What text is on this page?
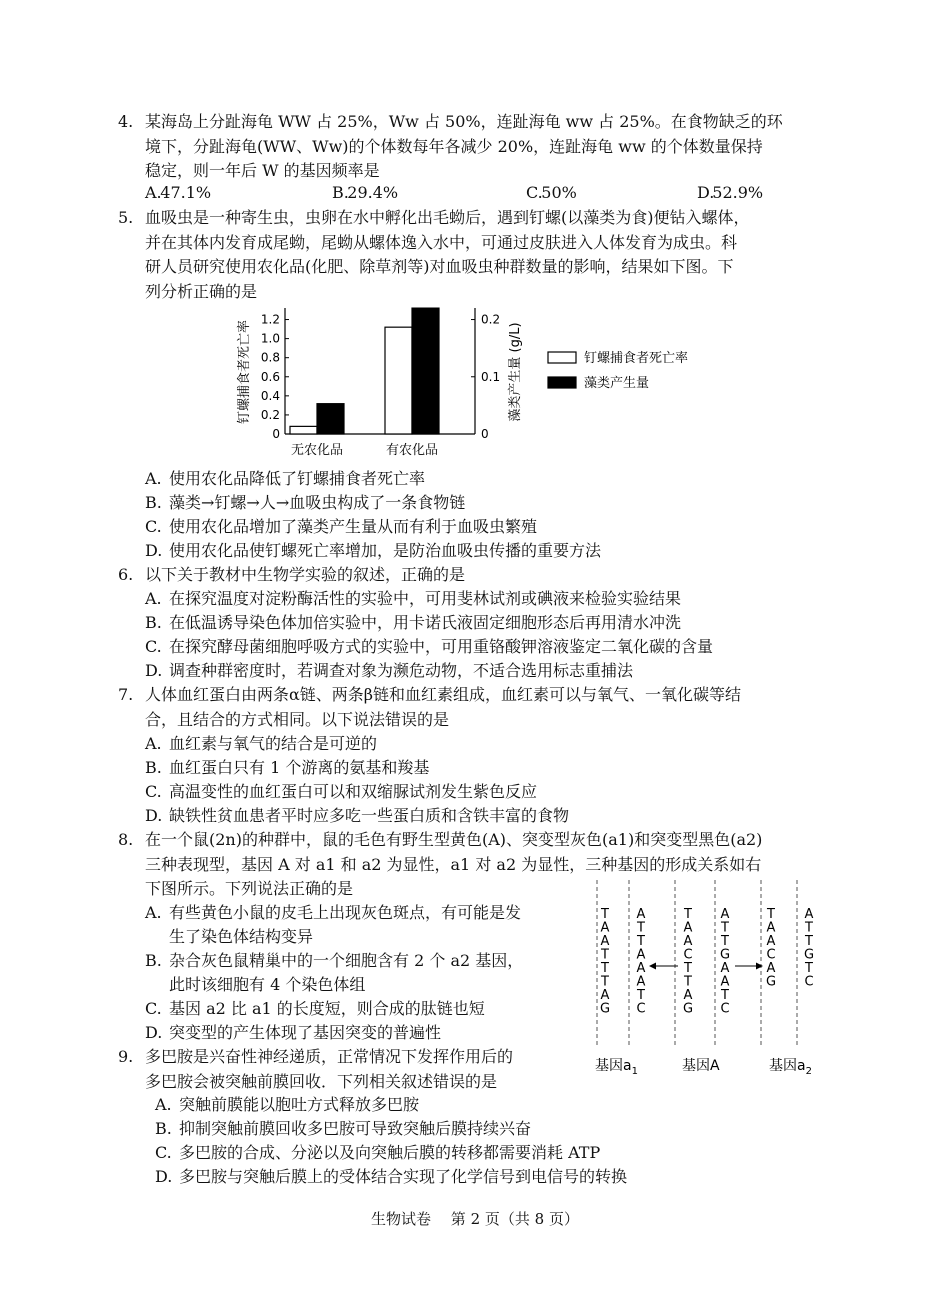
4. 某海岛上分趾海龟 WW 占 25%，Ww 占 50%，连趾海龟 ww 占 25%。在食物缺乏的环
境下，分趾海龟(WW、Ww)的个体数每年各减少 20%，连趾海龟 ww 的个体数量保持
稳定，则一年后 W 的基因频率是
A.

47.1%	B.

29.4%	C.

50%	D.

52.9%
5. 血吸虫是一种寄生虫，虫卵在水中孵化出毛蚴后，遇到钉螺(以藻类为食)便钻入螺体，
并在其体内发育成尾蚴，尾蚴从螺体逸入水中，可通过皮肤进入人体发育为成虫。科
研人员研究使用农化品(化肥、除草剂等)对血吸虫种群数量的影响，结果如下图。下
列分析正确的是
0
0.2
0.4
0.6
0.8
1.0
1.2
0
0.1
0.2
钉螺捕食者死亡率	藻类产生量 (g/L)
无农化品	有农化品
钉螺捕食者死亡率
藻类产生量
A. 使用农化品降低了钉螺捕食者死亡率
B. 藻类→钉螺→人→血吸虫构成了一条食物链
C. 使用农化品增加了藻类产生量从而有利于血吸虫繁殖
D. 使用农化品使钉螺死亡率增加，是防治血吸虫传播的重要方法
6. 以下关于教材中生物学实验的叙述，正确的是
A. 在探究温度对淀粉酶活性的实验中，可用斐林试剂或碘液来检验实验结果
B. 在低温诱导染色体加倍实验中，用卡诺氏液固定细胞形态后再用清水冲洗
C. 在探究酵母菌细胞呼吸方式的实验中，可用重铬酸钾溶液鉴定二氧化碳的含量
D. 调查种群密度时，若调查对象为濒危动物，不适合选用标志重捕法
7. 人体血红蛋白由两条α链、两条β链和血红素组成，血红素可以与氧气、一氧化碳等结
合，且结合的方式相同。以下说法错误的是
A. 血红素与氧气的结合是可逆的
B. 血红蛋白只有 1 个游离的氨基和羧基
C. 高温变性的血红蛋白可以和双缩脲试剂发生紫色反应
D. 缺铁性贫血患者平时应多吃一些蛋白质和含铁丰富的食物
8. 在一个鼠(2n)的种群中，鼠的毛色有野生型黄色(A)、突变型灰色(a1)和突变型黑色(a2)
三种表现型，基因 A 对 a1 和 a2 为显性，a1 对 a2 为显性，三种基因的形成关系如右
下图所示。下列说法正确的是
A. 有些黄色小鼠的皮毛上出现灰色斑点，有可能是发
生了染色体结构变异
B. 杂合灰色鼠精巢中的一个细胞含有 2 个 a2 基因，
此时该细胞有 4 个染色体组
C. 基因 a2 比 a1 的长度短，则合成的肽链也短
D. 突变型的产生体现了基因突变的普遍性
T
A
A
T
T
T
A
G
A
T
T
A
A
A
T
C
T
A
A
C
T
T
A
G
A
T
T
G
A
A
T
C
T
A
A
C
A
G
A
T
T
G
T
C
基因$a_1$	基因A	基因$a_2$
9. 多巴胺是兴奋性神经递质，正常情况下发挥作用后的
多巴胺会被突触前膜回收．下列相关叙述错误的是
A. 突触前膜能以胞吐方式释放多巴胺
B. 抑制突触前膜回收多巴胺可导致突触后膜持续兴奋
C. 多巴胺的合成、分泌以及向突触后膜的转移都需要消耗 ATP
D. 多巴胺与突触后膜上的受体结合实现了化学信号到电信号的转换
生物试卷　 第 2 页（共 8 页）
